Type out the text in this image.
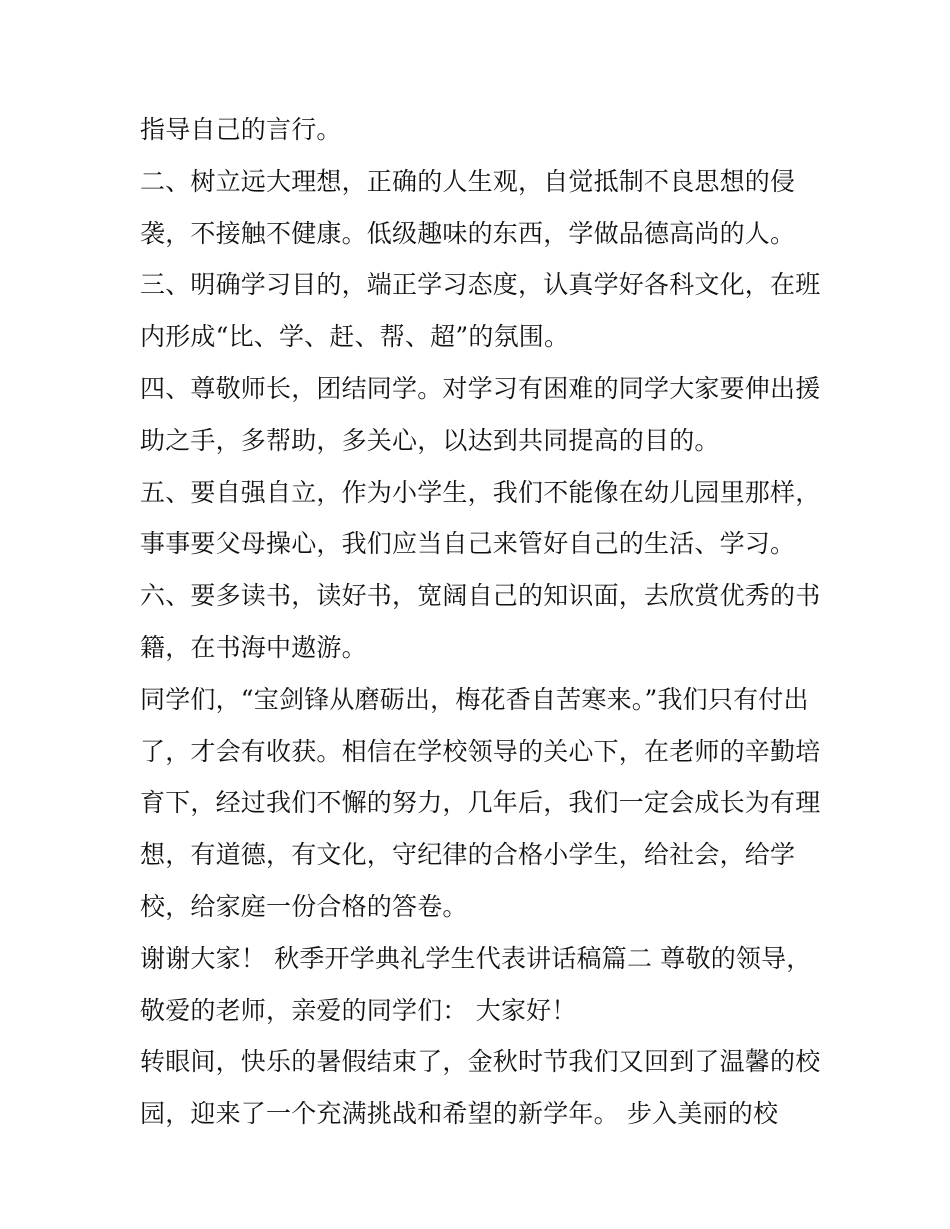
指导自己的言行。
二、树立远大理想，正确的人生观，自觉抵制不良思想的侵
袭，不接触不健康。低级趣味的东西，学做品德高尚的人。
三、明确学习目的，端正学习态度，认真学好各科文化，在班
内形成“比、学、赶、帮、超”的氛围。
四、尊敬师长，团结同学。对学习有困难的同学大家要伸出援
助之手，多帮助，多关心，以达到共同提高的目的。
五、要自强自立，作为小学生，我们不能像在幼儿园里那样，
事事要父母操心，我们应当自己来管好自己的生活、学习。
六、要多读书，读好书，宽阔自己的知识面，去欣赏优秀的书
籍，在书海中遨游。
同学们，“宝剑锋从磨砺出，梅花香自苦寒来。”我们只有付出
了，才会有收获。相信在学校领导的关心下，在老师的辛勤培
育下，经过我们不懈的努力，几年后，我们一定会成长为有理
想，有道德，有文化，守纪律的合格小学生，给社会，给学
校，给家庭一份合格的答卷。
谢谢大家！ 秋季开学典礼学生代表讲话稿篇二 尊敬的领导，
敬爱的老师，亲爱的同学们： 大家好！
转眼间，快乐的暑假结束了，金秋时节我们又回到了温馨的校
园，迎来了一个充满挑战和希望的新学年。 步入美丽的校
